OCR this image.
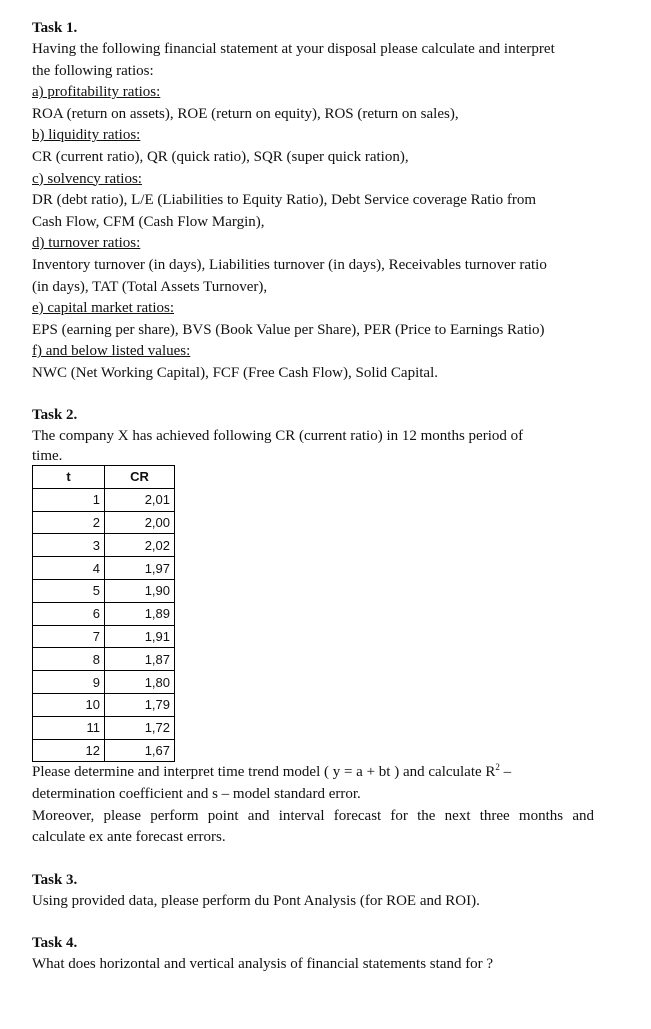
Task 1.

Having the following financial statement at your disposal please calculate and interpret

the following ratios:

a) profitability ratios:

ROA (return on assets), ROE (return on equity), ROS (return on sales),

b) liquidity ratios:

CR (current ratio), QR (quick ratio), SQR (super quick ration),

c) solvency ratios:

DR (debt ratio), L/E (Liabilities to Equity Ratio), Debt Service coverage Ratio from

Cash Flow, CFM (Cash Flow Margin),

d) turnover ratios:

Inventory turnover (in days), Liabilities turnover (in days), Receivables turnover ratio

(in days), TAT (Total Assets Turnover),

e) capital market ratios:

EPS (earning per share), BVS (Book Value per Share), PER (Price to Earnings Ratio)

f) and below listed values:

NWC (Net Working Capital), FCF (Free Cash Flow), Solid Capital.

Task 2.

The company X has achieved following CR (current ratio) in 12 months period of

time.

t	CR
1	2,01
2	2,00
3	2,02
4	1,97
5	1,90
6	1,89
7	1,91
8	1,87
9	1,80
10	1,79
11	1,72
12	1,67

Please determine and interpret time trend model ( y = a + bt ) and calculate $R^2$ –

determination coefficient and s – model standard error.

Moreover, please perform point and interval forecast for the next three months and

calculate ex ante forecast errors.

Task 3.

Using provided data, please perform du Pont Analysis (for ROE and ROI).

Task 4.

What does horizontal and vertical analysis of financial statements stand for ?
